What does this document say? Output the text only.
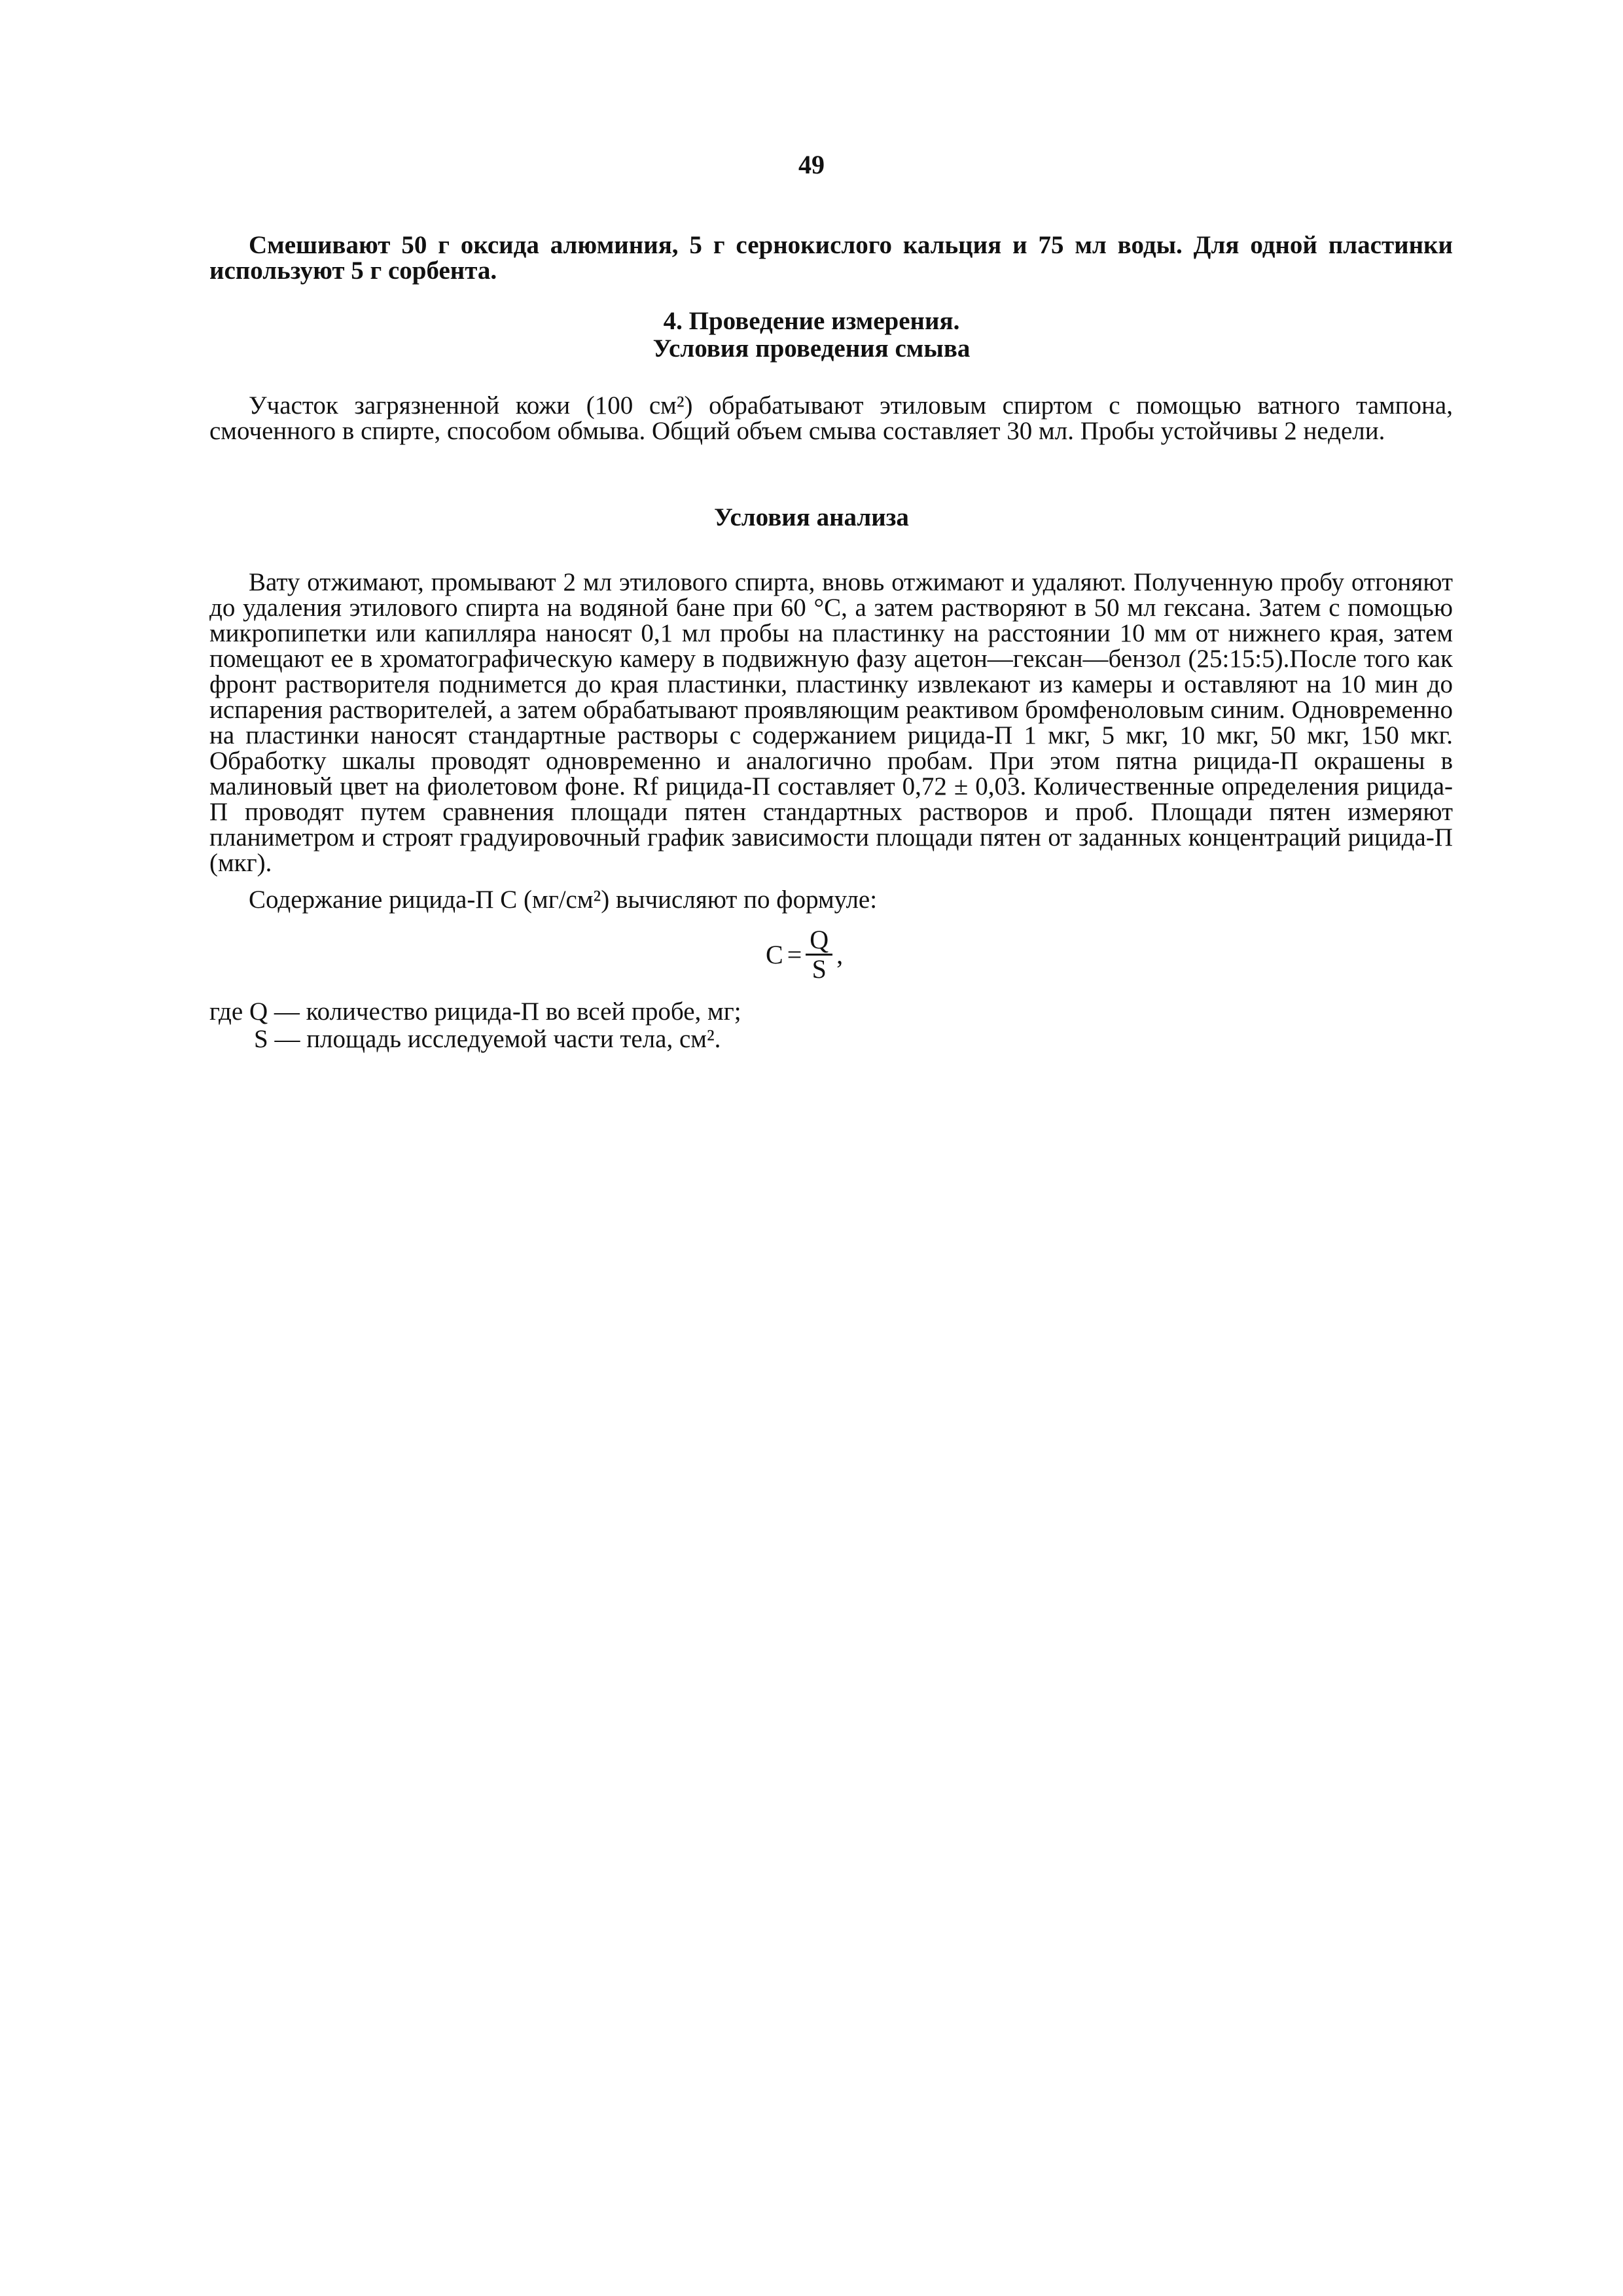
49

Смешивают 50 г оксида алюминия, 5 г сернокислого кальция и 75 мл воды. Для одной пластинки используют 5 г сорбента.

4. Проведение измерения.
Условия проведения смыва

Участок загрязненной кожи (100 см²) обрабатывают этиловым спиртом с помощью ватного тампона, смоченного в спирте, способом обмыва. Общий объем смыва составляет 30 мл. Пробы устойчивы 2 недели.

Условия анализа

Вату отжимают, промывают 2 мл этилового спирта, вновь отжимают и удаляют. Полученную пробу отгоняют до удаления этилового спирта на водяной бане при 60 °С, а затем растворяют в 50 мл гексана. Затем с помощью микропипетки или капилляра наносят 0,1 мл пробы на пластинку на расстоянии 10 мм от нижнего края, затем помещают ее в хроматографическую камеру в подвижную фазу ацетон—гексан—бензол (25:15:5).После того как фронт растворителя поднимется до края пластинки, пластинку извлекают из камеры и оставляют на 10 мин до испарения растворителей, а затем обрабатывают проявляющим реактивом бромфеноловым синим. Одновременно на пластинки наносят стандартные растворы с содержанием рицида-П 1 мкг, 5 мкг, 10 мкг, 50 мкг, 150 мкг. Обработку шкалы проводят одновременно и аналогично пробам. При этом пятна рицида-П окрашены в малиновый цвет на фиолетовом фоне. Rf рицида-П составляет 0,72 ± 0,03. Количественные определения рицида-П проводят путем сравнения площади пятен стандартных растворов и проб. Площади пятен измеряют планиметром и строят градуировочный график зависимости площади пятен от заданных концентраций рицида-П (мкг).

Содержание рицида-П С (мг/см²) вычисляют по формуле:

$С = \frac{Q}{S}$ ,

где Q — количество рицида-П во всей пробе, мг;
S — площадь исследуемой части тела, см².
